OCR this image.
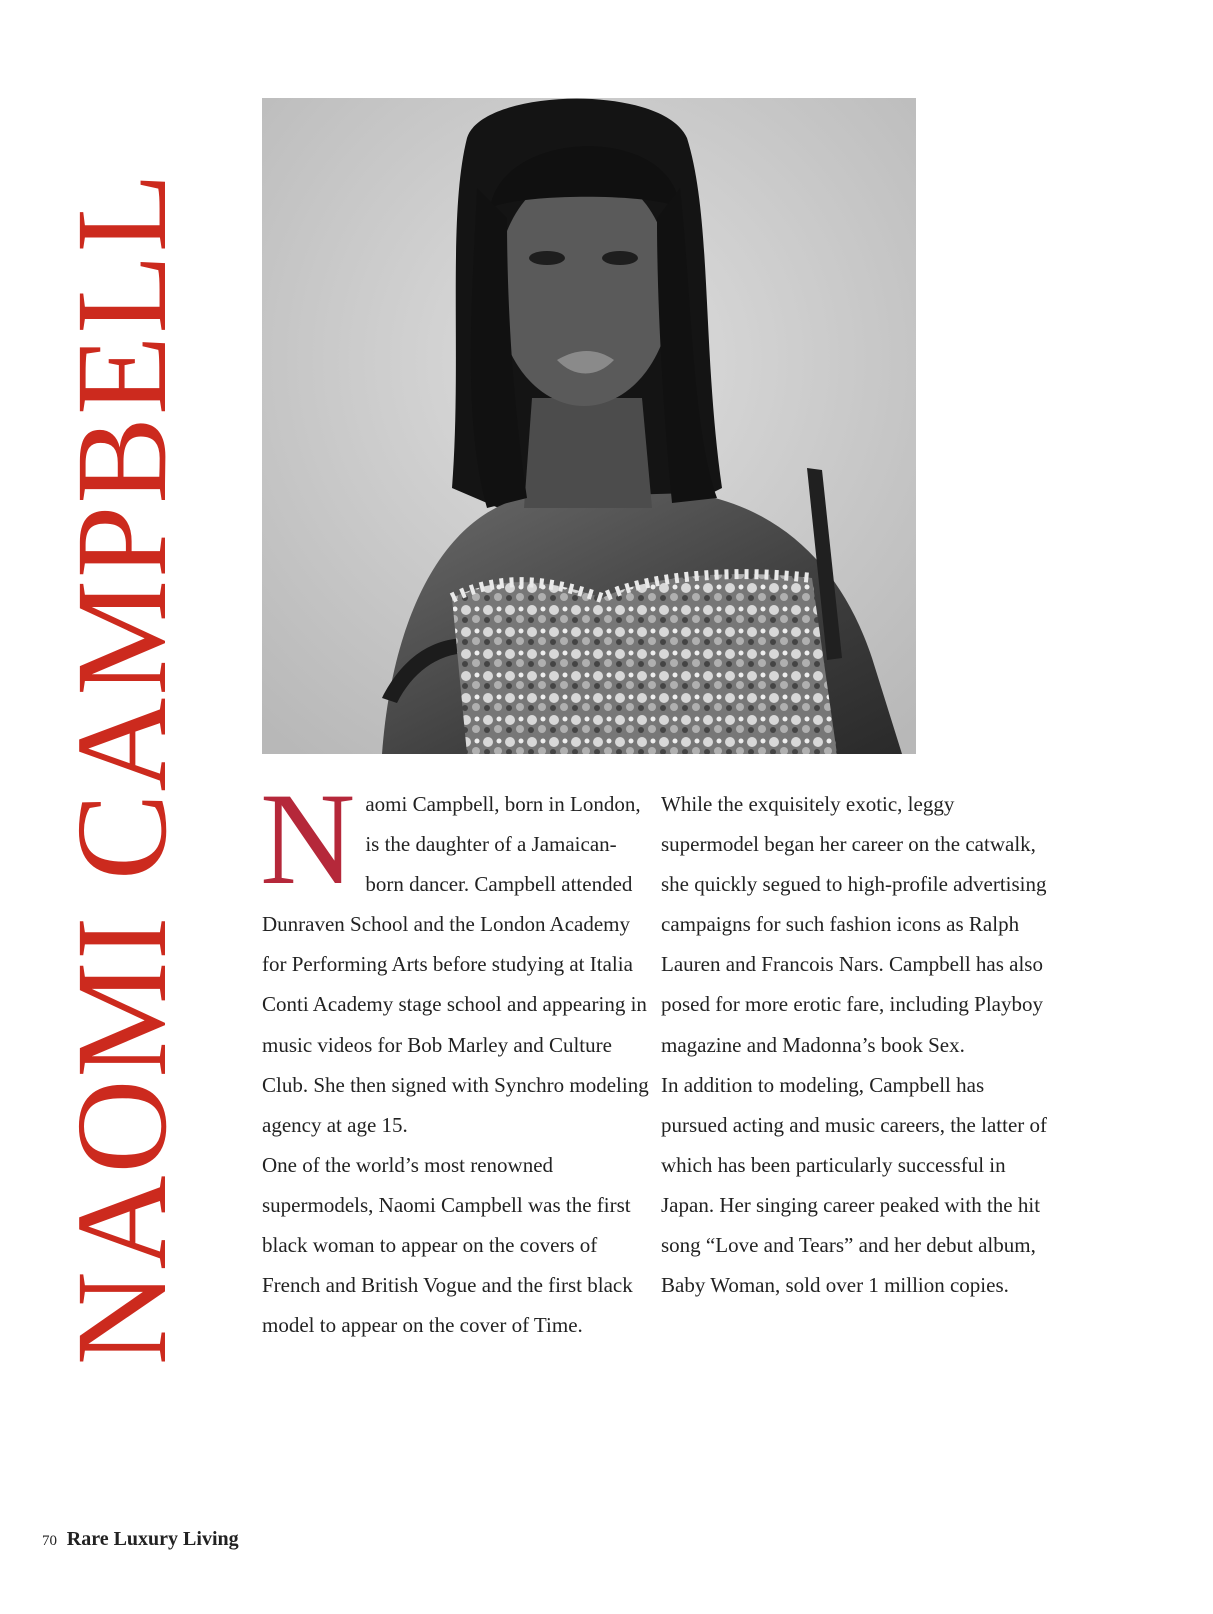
NAOMI CAMPBELL Naomi Campbell, born in London, is the daughter of a Jamaican-born dancer. Campbell attended Dunraven School and the London Academy for Performing Arts before studying at Italia Conti Academy stage school and appearing in music videos for Bob Marley and Culture Club. She then signed with Synchro modeling agency at age 15.

One of the world’s most renowned supermodels, Naomi Campbell was the first black woman to appear on the covers of French and British Vogue and the first black model to appear on the cover of Time.

While the exquisitely exotic, leggy supermodel began her career on the catwalk, she quickly segued to high-profile advertising campaigns for such fashion icons as Ralph Lauren and Francois Nars. Campbell has also posed for more erotic fare, including Playboy magazine and Madonna’s book Sex.

In addition to modeling, Campbell has pursued acting and music careers, the latter of which has been particularly successful in Japan. Her singing career peaked with the hit song “Love and Tears” and her debut album, Baby Woman, sold over 1 million copies.

70 Rare Luxury Living
